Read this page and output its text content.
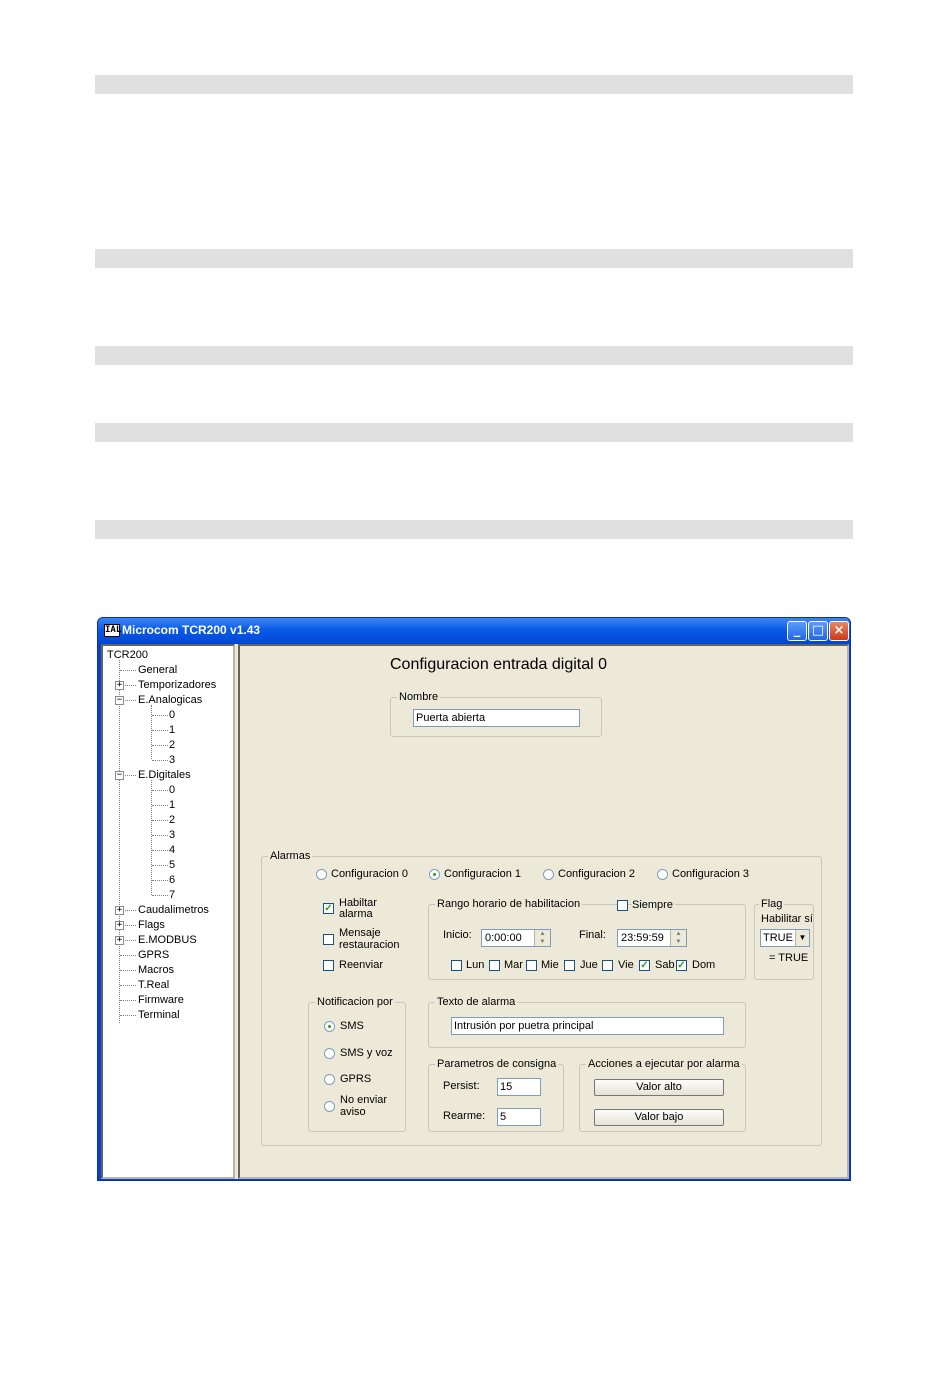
IAL Microcom TCR200 v1.43	_ □ ×
TCR200
General
+ Temporizadores
− E.Analogicas
0
1
2
3
− E.Digitales
0
1
2
3
4
5
6
7
+ Caudalimetros
+ Flags
+ E.MODBUS
GPRS
Macros
T.Real
Firmware
Terminal
Configuracion entrada digital 0
Nombre
Puerta abierta
Alarmas
Configuracion 0	Configuracion 1	Configuracion 2	Configuracion 3
✓ Habiltar
alarma
Mensaje
restauracion
Reenviar
Rango horario de habilitacion	Siempre
Inicio: 0:00:00	▲
▼
Final: 23:59:59	▲
▼
Lun Mar Mie Jue Vie ✓ Sab ✓ Dom
Flag
Habilitar sí
TRUE ▼
= TRUE
Notificacion por
SMS
SMS y voz
GPRS
No enviar
aviso
Texto de alarma
Intrusión por puetra principal
Parametros de consigna
Persist: 15
Rearme: 5
Acciones a ejecutar por alarma
Valor alto
Valor bajo
